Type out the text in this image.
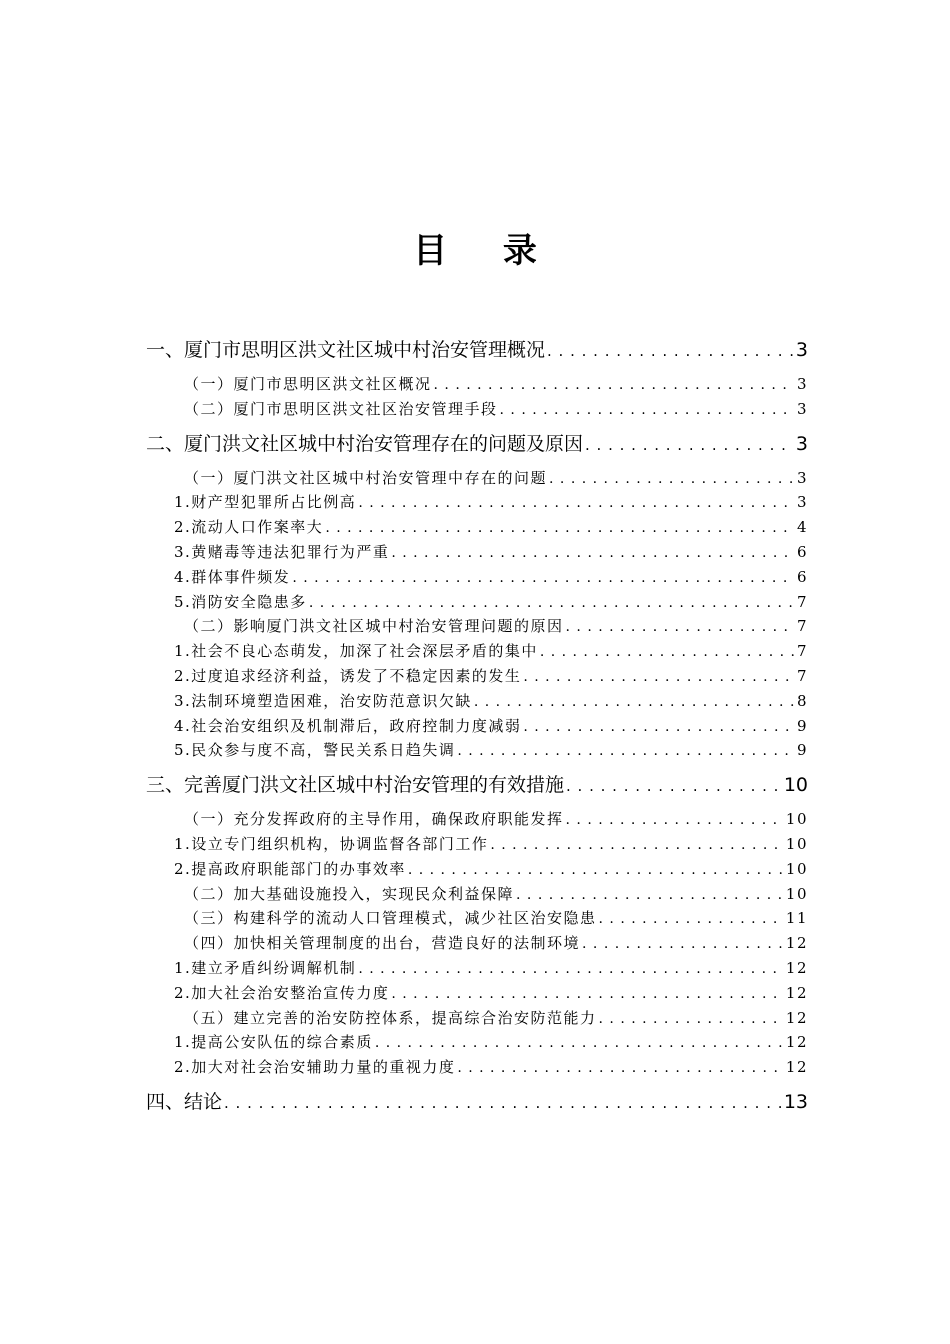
目 录
一、厦门市思明区洪文社区城中村治安管理概况 . . .	3
（一）厦门市思明区洪文社区概况 . . .	3
（二）厦门市思明区洪文社区治安管理手段 . . .	3
二、厦门洪文社区城中村治安管理存在的问题及原因 . . .	3
（一）厦门洪文社区城中村治安管理中存在的问题 . . .	3
1.财产型犯罪所占比例高 . . .	3
2.流动人口作案率大 . . .	4
3.黄赌毒等违法犯罪行为严重 . . .	6
4.群体事件频发 . . .	6
5.消防安全隐患多 . . .	7
（二）影响厦门洪文社区城中村治安管理问题的原因 . . .	7
1.社会不良心态萌发，加深了社会深层矛盾的集中 . . .	7
2.过度追求经济利益，诱发了不稳定因素的发生 . . .	7
3.法制环境塑造困难，治安防范意识欠缺 . . .	8
4.社会治安组织及机制滞后，政府控制力度减弱 . . .	9
5.民众参与度不高，警民关系日趋失调 . . .	9
三、完善厦门洪文社区城中村治安管理的有效措施 . . .	10
（一）充分发挥政府的主导作用，确保政府职能发挥 . . .	10
1.设立专门组织机构，协调监督各部门工作 . . .	10
2.提高政府职能部门的办事效率 . . .	10
（二）加大基础设施投入，实现民众利益保障 . . .	10
（三）构建科学的流动人口管理模式，减少社区治安隐患 . . .	11
（四）加快相关管理制度的出台，营造良好的法制环境 . . .	12
1.建立矛盾纠纷调解机制 . . .	12
2.加大社会治安整治宣传力度 . . .	12
（五）建立完善的治安防控体系，提高综合治安防范能力 . . .	12
1.提高公安队伍的综合素质 . . .	12
2.加大对社会治安辅助力量的重视力度 . . .	12
四、结论 . . .	13
